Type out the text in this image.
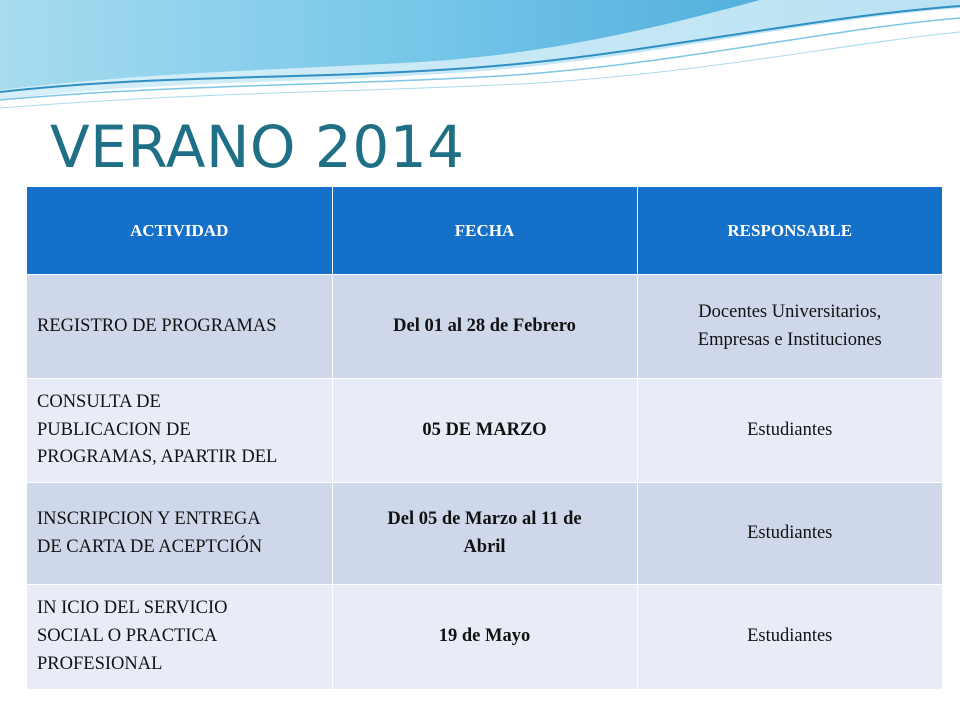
VERANO 2014
ACTIVIDAD	FECHA	RESPONSABLE

REGISTRO DE PROGRAMAS	Del 01 al 28 de Febrero	Docentes Universitarios,
Empresas e Instituciones

CONSULTA DE
PUBLICACION DE
PROGRAMAS, APARTIR DEL	05 DE MARZO	Estudiantes

INSCRIPCION Y ENTREGA
DE CARTA DE ACEPTCIÓN	Del 05 de Marzo al 11 de
Abril	Estudiantes

IN ICIO DEL SERVICIO
SOCIAL O PRACTICA
PROFESIONAL	19 de Mayo	Estudiantes
